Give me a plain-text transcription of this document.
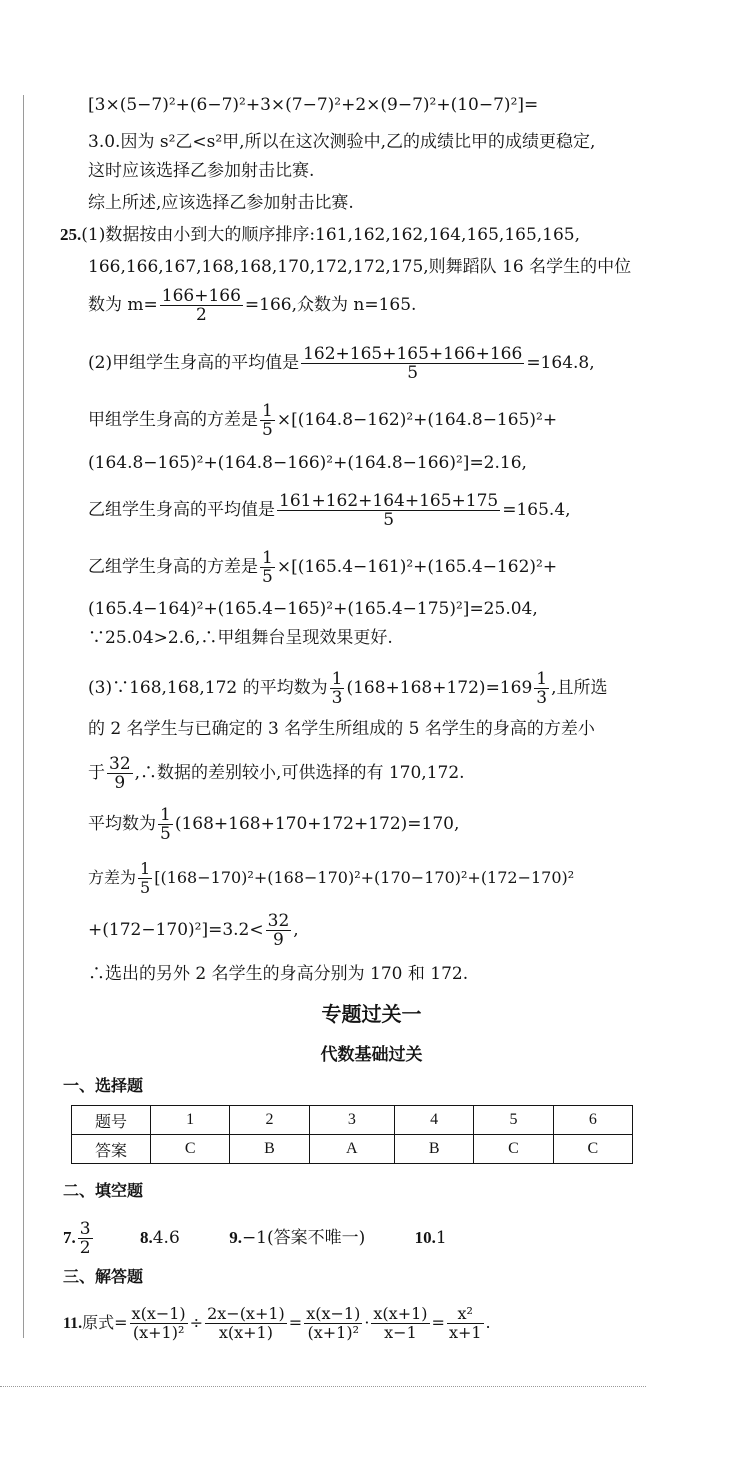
[3×(5−7)²+(6−7)²+3×(7−7)²+2×(9−7)²+(10−7)²]=
3.0.因为 s²乙<s²甲,所以在这次测验中,乙的成绩比甲的成绩更稳定,
这时应该选择乙参加射击比赛.
综上所述,应该选择乙参加射击比赛.
25.(1)数据按由小到大的顺序排序:161,162,162,164,165,165,165,
166,166,167,168,168,170,172,172,175,则舞蹈队 16 名学生的中位
数为 $m= \frac{166+166}{2} =166$,众数为 n=165.
(2)甲组学生身高的平均值是 $\frac{162+165+165+166+166}{5} =164.8$,
甲组学生身高的方差是 $\frac{1}{5} \times[(164.8-162)^2+(164.8-165)^2+$
(164.8−165)²+(164.8−166)²+(164.8−166)²]=2.16,
乙组学生身高的平均值是 $\frac{161+162+164+165+175}{5} =165.4$,
乙组学生身高的方差是 $\frac{1}{5} \times[(165.4-161)^2+(165.4-162)^2+$
(165.4−164)²+(165.4−165)²+(165.4−175)²]=25.04,
∵25.04>2.6,∴甲组舞台呈现效果更好.
(3)∵168,168,172 的平均数为 $\frac{1}{3} (168+168+172)=169 \frac{1}{3}$ ,且所选
的 2 名学生与已确定的 3 名学生所组成的 5 名学生的身高的方差小
于 $\frac{32}{9}$ ,∴数据的差别较小,可供选择的有 170,172.
平均数为 $\frac{1}{5} (168+168+170+172+172)=170$,
方差为 $\frac{1}{5} [(168-170)^2+(168-170)^2+(170-170)^2+(172-170)^2$
$+(172-170)^2]=3.2< \frac{32}{9}$ ,
∴选出的另外 2 名学生的身高分别为 170 和 172.
专题过关一
代数基础过关
一、选择题
题号	1	2	3	4	5	6
答案	C	B	A	B	C	C
二、填空题
7. $\frac{3}{2}$	8.4.6	9.−1(答案不唯一)	10.1
三、解答题
11.原式= $\frac{x(x-1)}{\text{(x+1)²}} \div \frac{2x-(x+1)}{x(x+1)} = \frac{x(x-1)}{\text{(x+1)²}} \cdot \frac{x(x+1)}{x-1} = \frac{\text{x²}}{x+1}$ .
